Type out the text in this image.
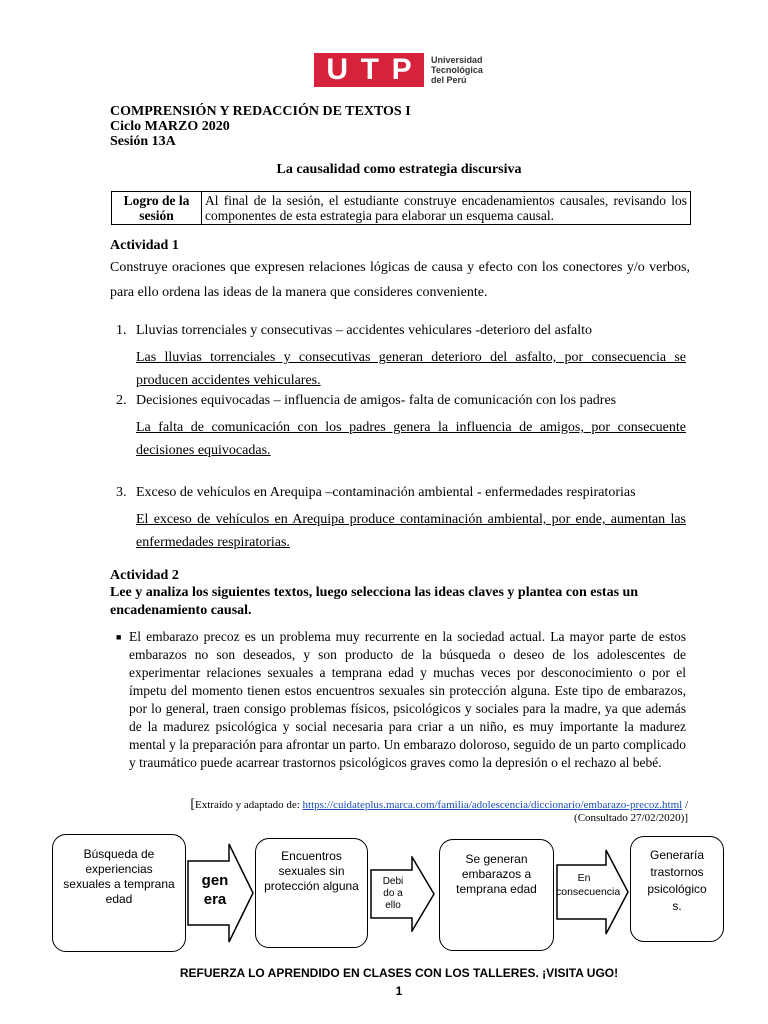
U T P Universidad
Tecnológica
del Perú
COMPRENSIÓN Y REDACCIÓN DE TEXTOS I
Ciclo MARZO 2020
Sesión 13A
La causalidad como estrategia discursiva
Logro de la
sesión
Al final de la sesión, el estudiante construye encadenamientos causales, revisando los componentes de esta estrategia para elaborar un esquema causal.
Actividad 1
Construye oraciones que expresen relaciones lógicas de causa y efecto con los conectores y/o verbos, para ello ordena las ideas de la manera que consideres conveniente.
1. Lluvias torrenciales y consecutivas – accidentes vehiculares -deterioro del asfalto
Las lluvias torrenciales y consecutivas generan deterioro del asfalto, por consecuencia se producen accidentes vehiculares.
2. Decisiones equivocadas – influencia de amigos- falta de comunicación con los padres
La falta de comunicación con los padres genera la influencia de amigos, por consecuente decisiones equivocadas.
3. Exceso de vehículos en Arequipa –contaminación ambiental - enfermedades respiratorias
El exceso de vehículos en Arequipa produce contaminación ambiental, por ende, aumentan las enfermedades respiratorias.
Actividad 2
Lee y analiza los siguientes textos, luego selecciona las ideas claves y plantea con estas un encadenamiento causal.
■ El embarazo precoz es un problema muy recurrente en la sociedad actual. La mayor parte de estos embarazos no son deseados, y son producto de la búsqueda o deseo de los adolescentes de experimentar relaciones sexuales a temprana edad y muchas veces por desconocimiento o por el ímpetu del momento tienen estos encuentros sexuales sin protección alguna. Este tipo de embarazos, por lo general, traen consigo problemas físicos, psicológicos y sociales para la madre, ya que además de la madurez psicológica y social necesaria para criar a un niño, es muy importante la madurez mental y la preparación para afrontar un parto. Un embarazo doloroso, seguido de un parto complicado y traumático puede acarrear trastornos psicológicos graves como la depresión o el rechazo al bebé.
[Extraído y adaptado de: https://cuidateplus.marca.com/familia/adolescencia/diccionario/embarazo-precoz.html /
(Consultado 27/02/2020)]
Búsqueda de experiencias sexuales a temprana edad
gen
era
Encuentros sexuales sin protección alguna	Debi
do a
ello
Se generan embarazos a temprana edad
En
consecuencia
Generaría
trastornos
psicológico
s.
REFUERZA LO APRENDIDO EN CLASES CON LOS TALLERES. ¡VISITA UGO!
1
